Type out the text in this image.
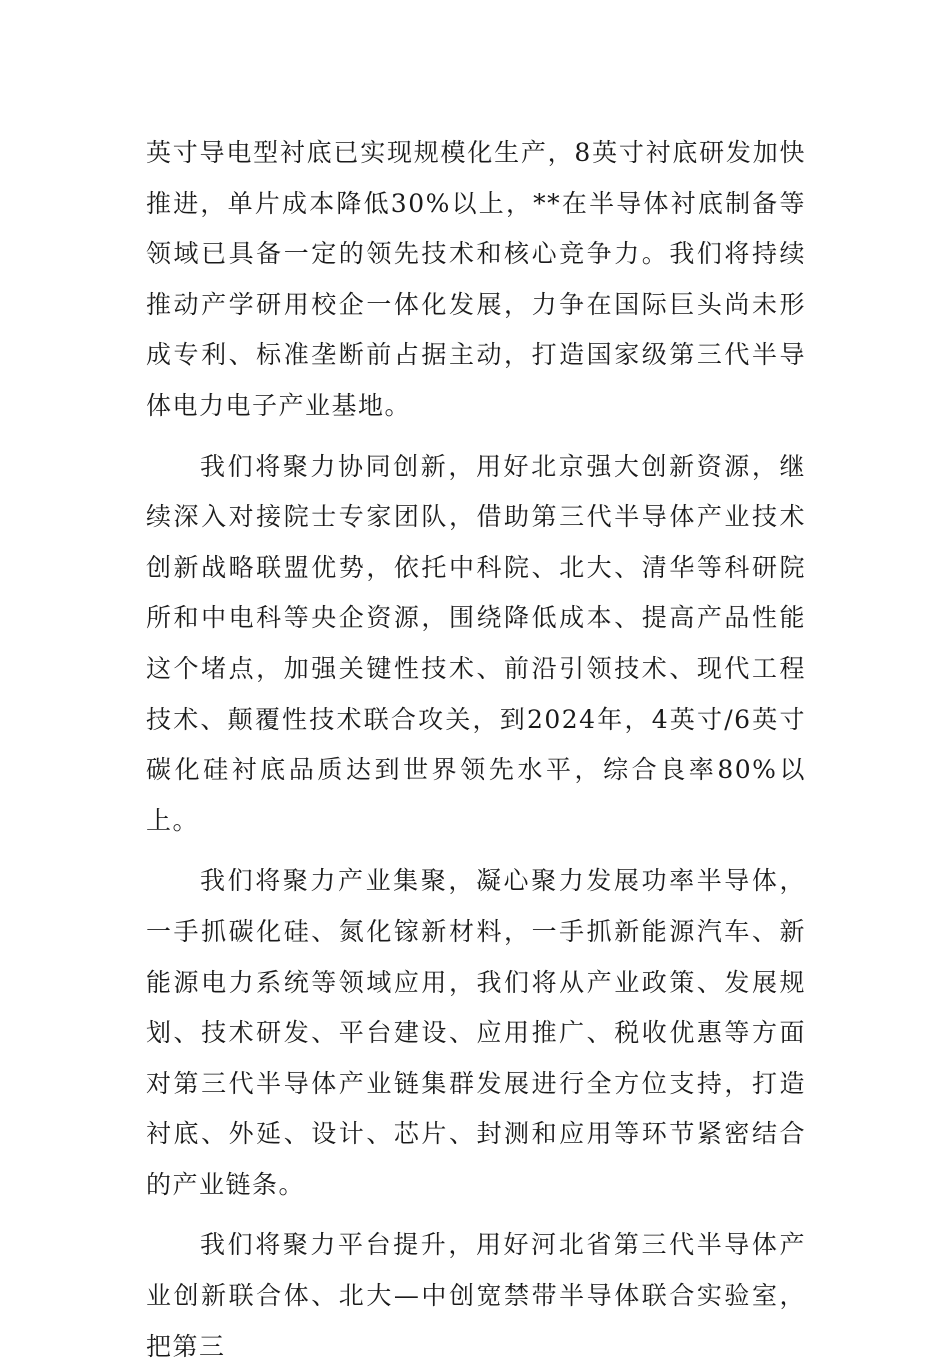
英寸导电型衬底已实现规模化生产，8英寸衬底研发加快推进，单片成本降低30%以上，**在半导体衬底制备等领域已具备一定的领先技术和核心竞争力。我们将持续推动产学研用校企一体化发展，力争在国际巨头尚未形成专利、标准垄断前占据主动，打造国家级第三代半导体电力电子产业基地。

我们将聚力协同创新，用好北京强大创新资源，继续深入对接院士专家团队，借助第三代半导体产业技术创新战略联盟优势，依托中科院、北大、清华等科研院所和中电科等央企资源，围绕降低成本、提高产品性能这个堵点，加强关键性技术、前沿引领技术、现代工程技术、颠覆性技术联合攻关，到2024年，4英寸/6英寸碳化硅衬底品质达到世界领先水平，综合良率80%以上。

我们将聚力产业集聚，凝心聚力发展功率半导体，一手抓碳化硅、氮化镓新材料，一手抓新能源汽车、新能源电力系统等领域应用，我们将从产业政策、发展规划、技术研发、平台建设、应用推广、税收优惠等方面对第三代半导体产业链集群发展进行全方位支持，打造衬底、外延、设计、芯片、封测和应用等环节紧密结合的产业链条。

我们将聚力平台提升，用好河北省第三代半导体产业创新联合体、北大—中创宽禁带半导体联合实验室，把第三
